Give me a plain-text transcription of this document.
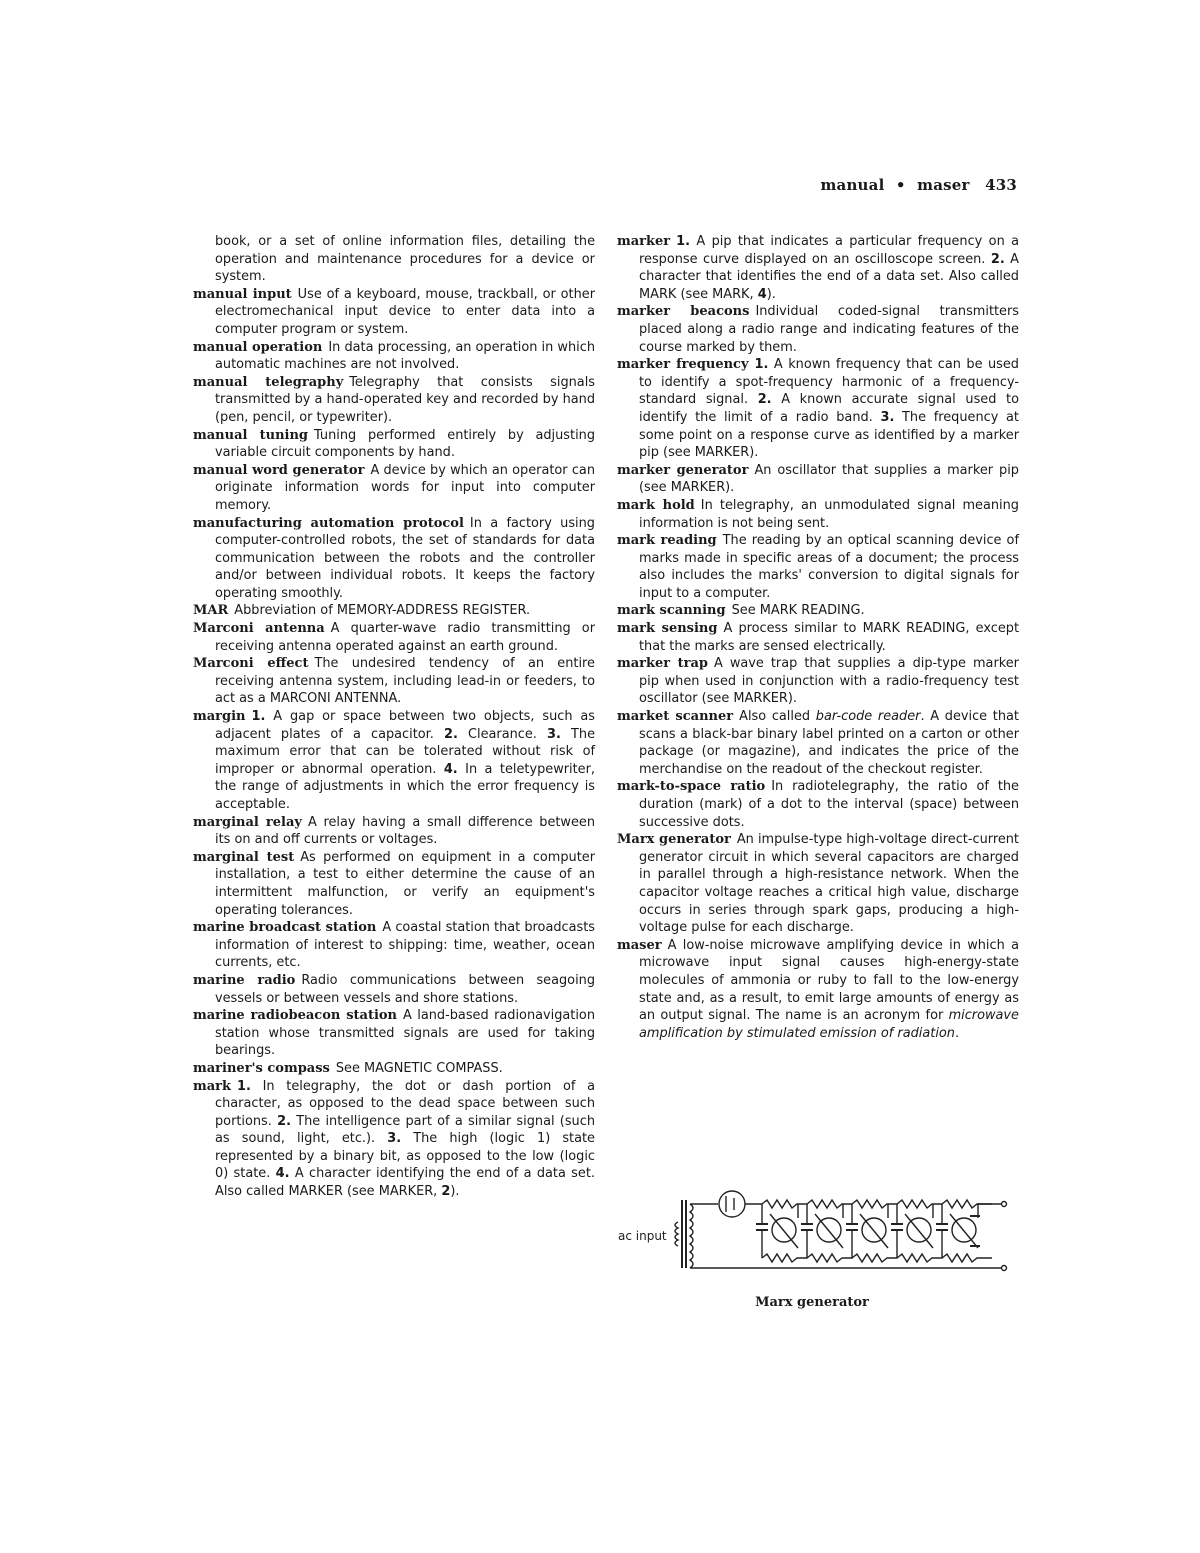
manual • maser 433

book, or a set of online information files, detailing the operation and maintenance procedures for a device or system.

manual input Use of a keyboard, mouse, trackball, or other electromechanical input device to enter data into a computer program or system.

manual operation In data processing, an operation in which automatic machines are not involved.

manual telegraphy Telegraphy that consists signals transmitted by a hand-operated key and recorded by hand (pen, pencil, or typewriter).

manual tuning Tuning performed entirely by adjusting variable circuit components by hand.

manual word generator A device by which an operator can originate information words for input into computer memory.

manufacturing automation protocol In a factory using computer-controlled robots, the set of standards for data communication between the robots and the controller and/or between individual robots. It keeps the factory operating smoothly.

MAR Abbreviation of MEMORY-ADDRESS REGISTER.

Marconi antenna A quarter-wave radio transmitting or receiving antenna operated against an earth ground.

Marconi effect The undesired tendency of an entire receiving antenna system, including lead-in or feeders, to act as a MARCONI ANTENNA.

margin 1. A gap or space between two objects, such as adjacent plates of a capacitor. 2. Clearance. 3. The maximum error that can be tolerated without risk of improper or abnormal operation. 4. In a teletypewriter, the range of adjustments in which the error frequency is acceptable.

marginal relay A relay having a small difference between its on and off currents or voltages.

marginal test As performed on equipment in a computer installation, a test to either determine the cause of an intermittent malfunction, or verify an equipment's operating tolerances.

marine broadcast station A coastal station that broadcasts information of interest to shipping: time, weather, ocean currents, etc.

marine radio Radio communications between seagoing vessels or between vessels and shore stations.

marine radiobeacon station A land-based radionavigation station whose transmitted signals are used for taking bearings.

mariner's compass See MAGNETIC COMPASS.

mark 1. In telegraphy, the dot or dash portion of a character, as opposed to the dead space between such portions. 2. The intelligence part of a similar signal (such as sound, light, etc.). 3. The high (logic 1) state represented by a binary bit, as opposed to the low (logic 0) state. 4. A character identifying the end of a data set. Also called MARKER (see MARKER, 2).

marker 1. A pip that indicates a particular frequency on a response curve displayed on an oscilloscope screen. 2. A character that identifies the end of a data set. Also called MARK (see MARK, 4).

marker beacons Individual coded-signal transmitters placed along a radio range and indicating features of the course marked by them.

marker frequency 1. A known frequency that can be used to identify a spot-frequency harmonic of a frequency-standard signal. 2. A known accurate signal used to identify the limit of a radio band. 3. The frequency at some point on a response curve as identified by a marker pip (see MARKER).

marker generator An oscillator that supplies a marker pip (see MARKER).

mark hold In telegraphy, an unmodulated signal meaning information is not being sent.

mark reading The reading by an optical scanning device of marks made in specific areas of a document; the process also includes the marks' conversion to digital signals for input to a computer.

mark scanning See MARK READING.

mark sensing A process similar to MARK READING, except that the marks are sensed electrically.

marker trap A wave trap that supplies a dip-type marker pip when used in conjunction with a radio-frequency test oscillator (see MARKER).

market scanner Also called bar-code reader. A device that scans a black-bar binary label printed on a carton or other package (or magazine), and indicates the price of the merchandise on the readout of the checkout register.

mark-to-space ratio In radiotelegraphy, the ratio of the duration (mark) of a dot to the interval (space) between successive dots.

Marx generator An impulse-type high-voltage direct-current generator circuit in which several capacitors are charged in parallel through a high-resistance network. When the capacitor voltage reaches a critical high value, discharge occurs in series through spark gaps, producing a high-voltage pulse for each discharge.

maser A low-noise microwave amplifying device in which a microwave input signal causes high-energy-state molecules of ammonia or ruby to fall to the low-energy state and, as a result, to emit large amounts of energy as an output signal. The name is an acronym for microwave amplification by stimulated emission of radiation.

ac input
Marx generator
